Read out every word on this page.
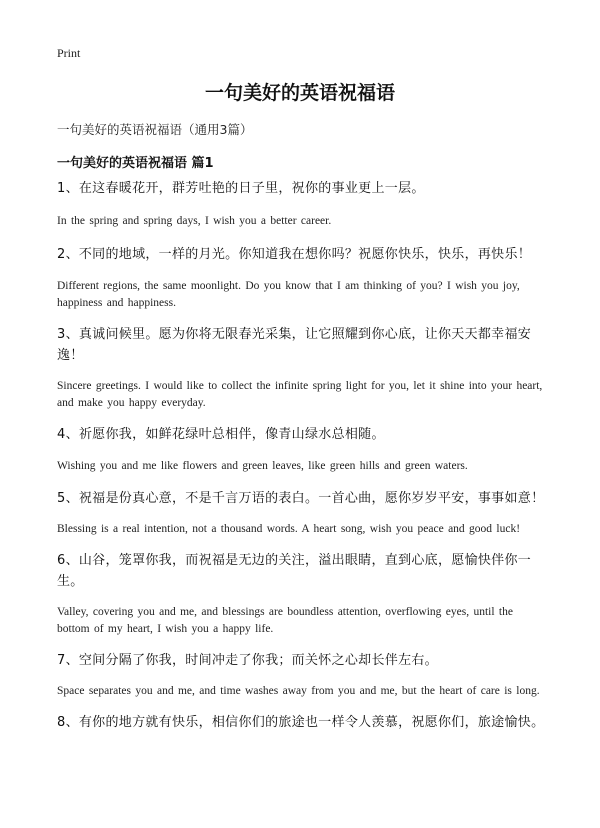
Print
一句美好的英语祝福语
一句美好的英语祝福语（通用3篇）
一句美好的英语祝福语 篇1

1、在这春暖花开，群芳吐艳的日子里，祝你的事业更上一层。

In the spring and spring days, I wish you a better career.

2、不同的地域，一样的月光。你知道我在想你吗？祝愿你快乐，快乐，再快乐！

Different regions, the same moonlight. Do you know that I am thinking of you? I wish you joy, happiness and happiness.

3、真诚问候里。愿为你将无限春光采集，让它照耀到你心底，让你天天都幸福安逸！

Sincere greetings. I would like to collect the infinite spring light for you, let it shine into your heart, and make you happy everyday.

4、祈愿你我，如鲜花绿叶总相伴，像青山绿水总相随。

Wishing you and me like flowers and green leaves, like green hills and green waters.

5、祝福是份真心意，不是千言万语的表白。一首心曲，愿你岁岁平安，事事如意！

Blessing is a real intention, not a thousand words. A heart song, wish you peace and good luck!

6、山谷，笼罩你我，而祝福是无边的关注，溢出眼睛，直到心底，愿愉快伴你一生。

Valley, covering you and me, and blessings are boundless attention, overflowing eyes, until the bottom of my heart, I wish you a happy life.

7、空间分隔了你我，时间冲走了你我；而关怀之心却长伴左右。

Space separates you and me, and time washes away from you and me, but the heart of care is long.

8、有你的地方就有快乐，相信你们的旅途也一样令人羡慕，祝愿你们，旅途愉快。
